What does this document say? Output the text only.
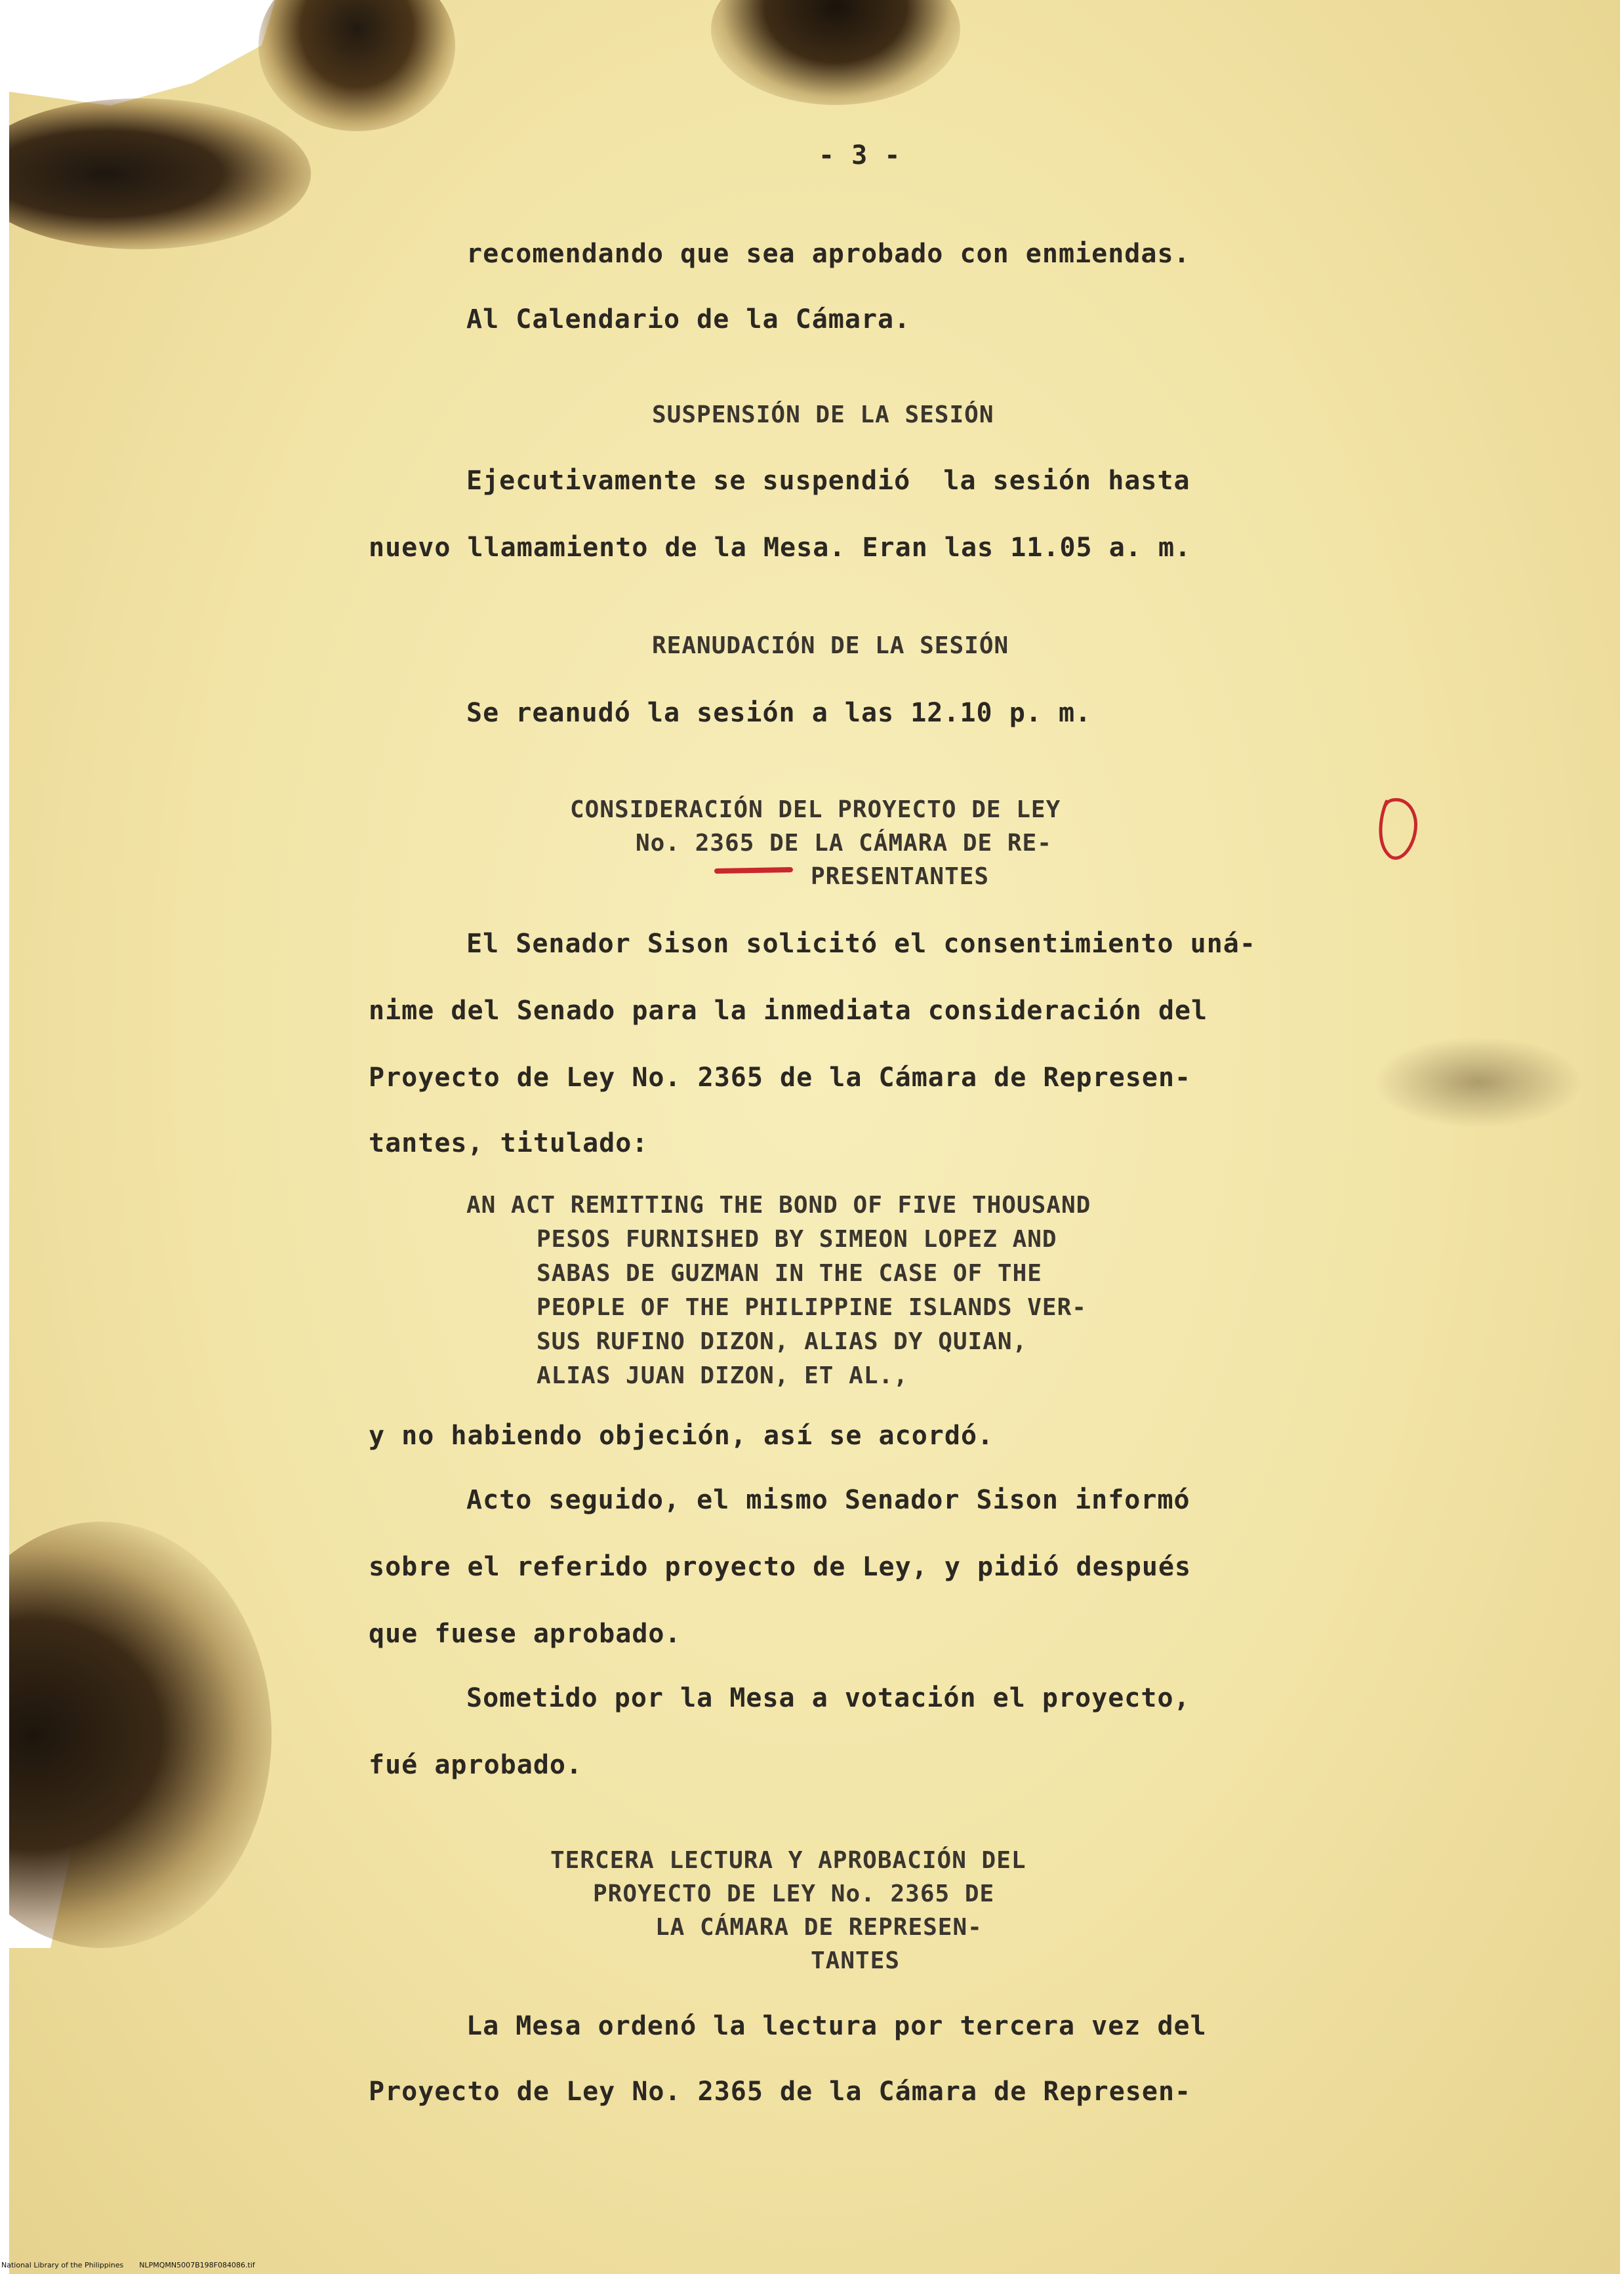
- 3 -

recomendando que sea aprobado con enmiendas.

Al Calendario de la Cámara.

SUSPENSIÓN DE LA SESIÓN

Ejecutivamente se suspendió  la sesión hasta

nuevo llamamiento de la Mesa. Eran las 11.05 a. m.

REANUDACIÓN DE LA SESIÓN

Se reanudó la sesión a las 12.10 p. m.

CONSIDERACIÓN DEL PROYECTO DE LEY

No. 2365 DE LA CÁMARA DE RE-

PRESENTANTES

El Senador Sison solicitó el consentimiento uná-

nime del Senado para la inmediata consideración del

Proyecto de Ley No. 2365 de la Cámara de Represen-

tantes, titulado:

AN ACT REMITTING THE BOND OF FIVE THOUSAND

PESOS FURNISHED BY SIMEON LOPEZ AND

SABAS DE GUZMAN IN THE CASE OF THE

PEOPLE OF THE PHILIPPINE ISLANDS VER-

SUS RUFINO DIZON, ALIAS DY QUIAN,

ALIAS JUAN DIZON, ET AL.,

y no habiendo objeción, así se acordó.

Acto seguido, el mismo Senador Sison informó

sobre el referido proyecto de Ley, y pidió después

que fuese aprobado.

Sometido por la Mesa a votación el proyecto,

fué aprobado.

TERCERA LECTURA Y APROBACIÓN DEL

PROYECTO DE LEY No. 2365 DE

LA CÁMARA DE REPRESEN-

TANTES

La Mesa ordenó la lectura por tercera vez del

Proyecto de Ley No. 2365 de la Cámara de Represen-

National Library of the Philippines NLPMQMN5007B198F084086.tif
